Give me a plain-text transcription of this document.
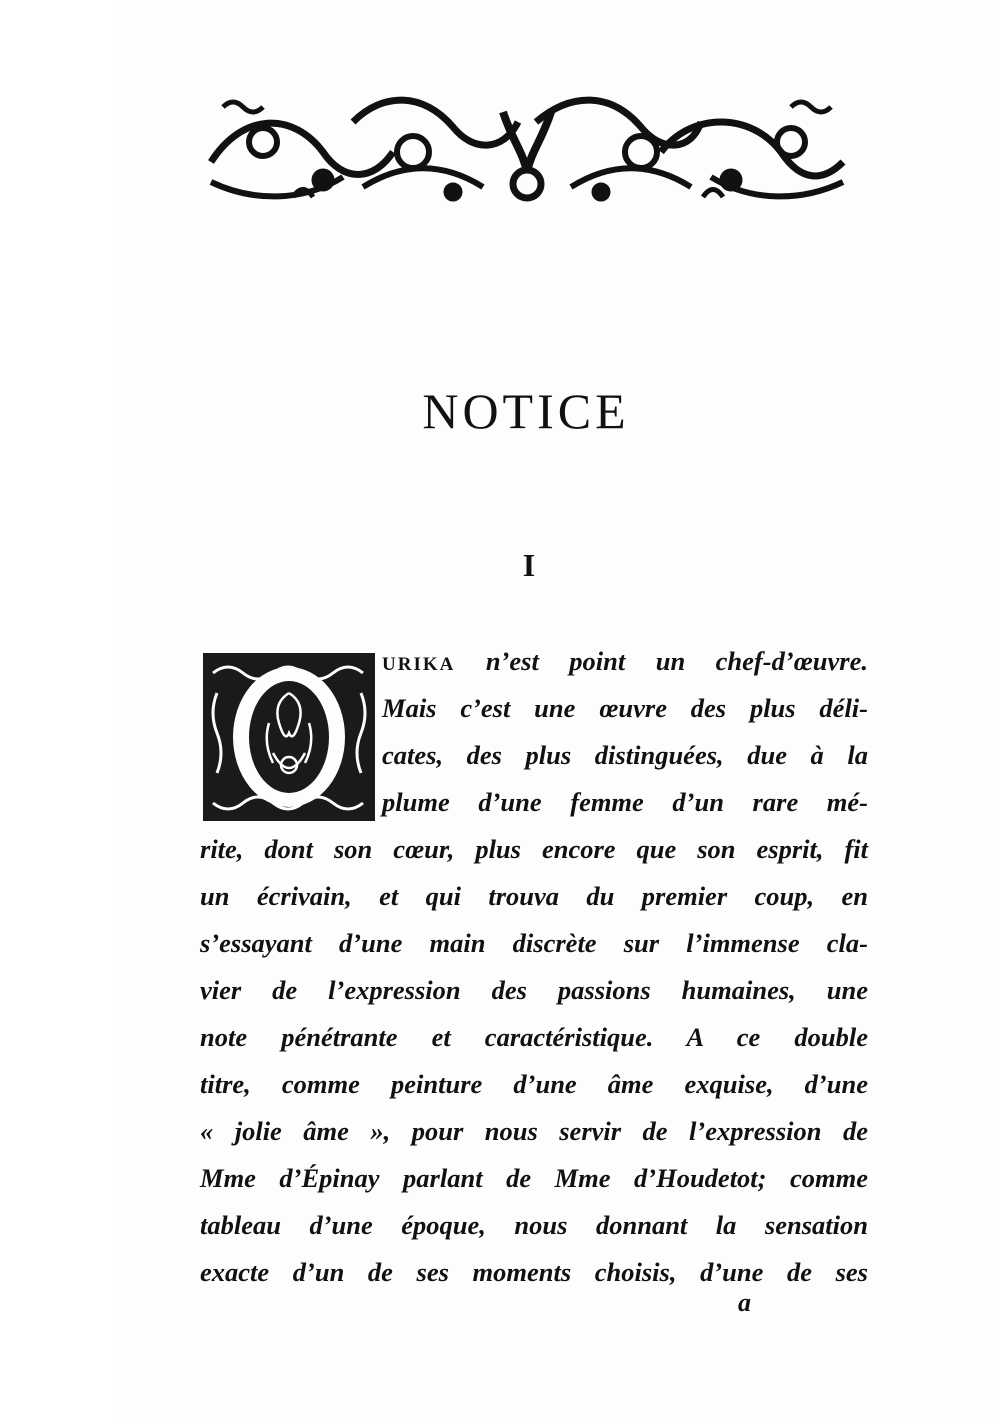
NOTICE
I
O
URIKA n’est point un chef-d’œuvre.
Mais c’est une œuvre des plus déli-
cates, des plus distinguées, due à la
plume d’une femme d’un rare mé-
rite, dont son cœur, plus encore que son esprit, fit
un écrivain, et qui trouva du premier coup, en
s’essayant d’une main discrète sur l’immense cla-
vier de l’expression des passions humaines, une
note pénétrante et caractéristique. A ce double
titre, comme peinture d’une âme exquise, d’une
« jolie âme », pour nous servir de l’expression de
Mme d’Épinay parlant de Mme d’Houdetot; comme
tableau d’une époque, nous donnant la sensation
exacte d’un de ses moments choisis, d’une de ses
a
